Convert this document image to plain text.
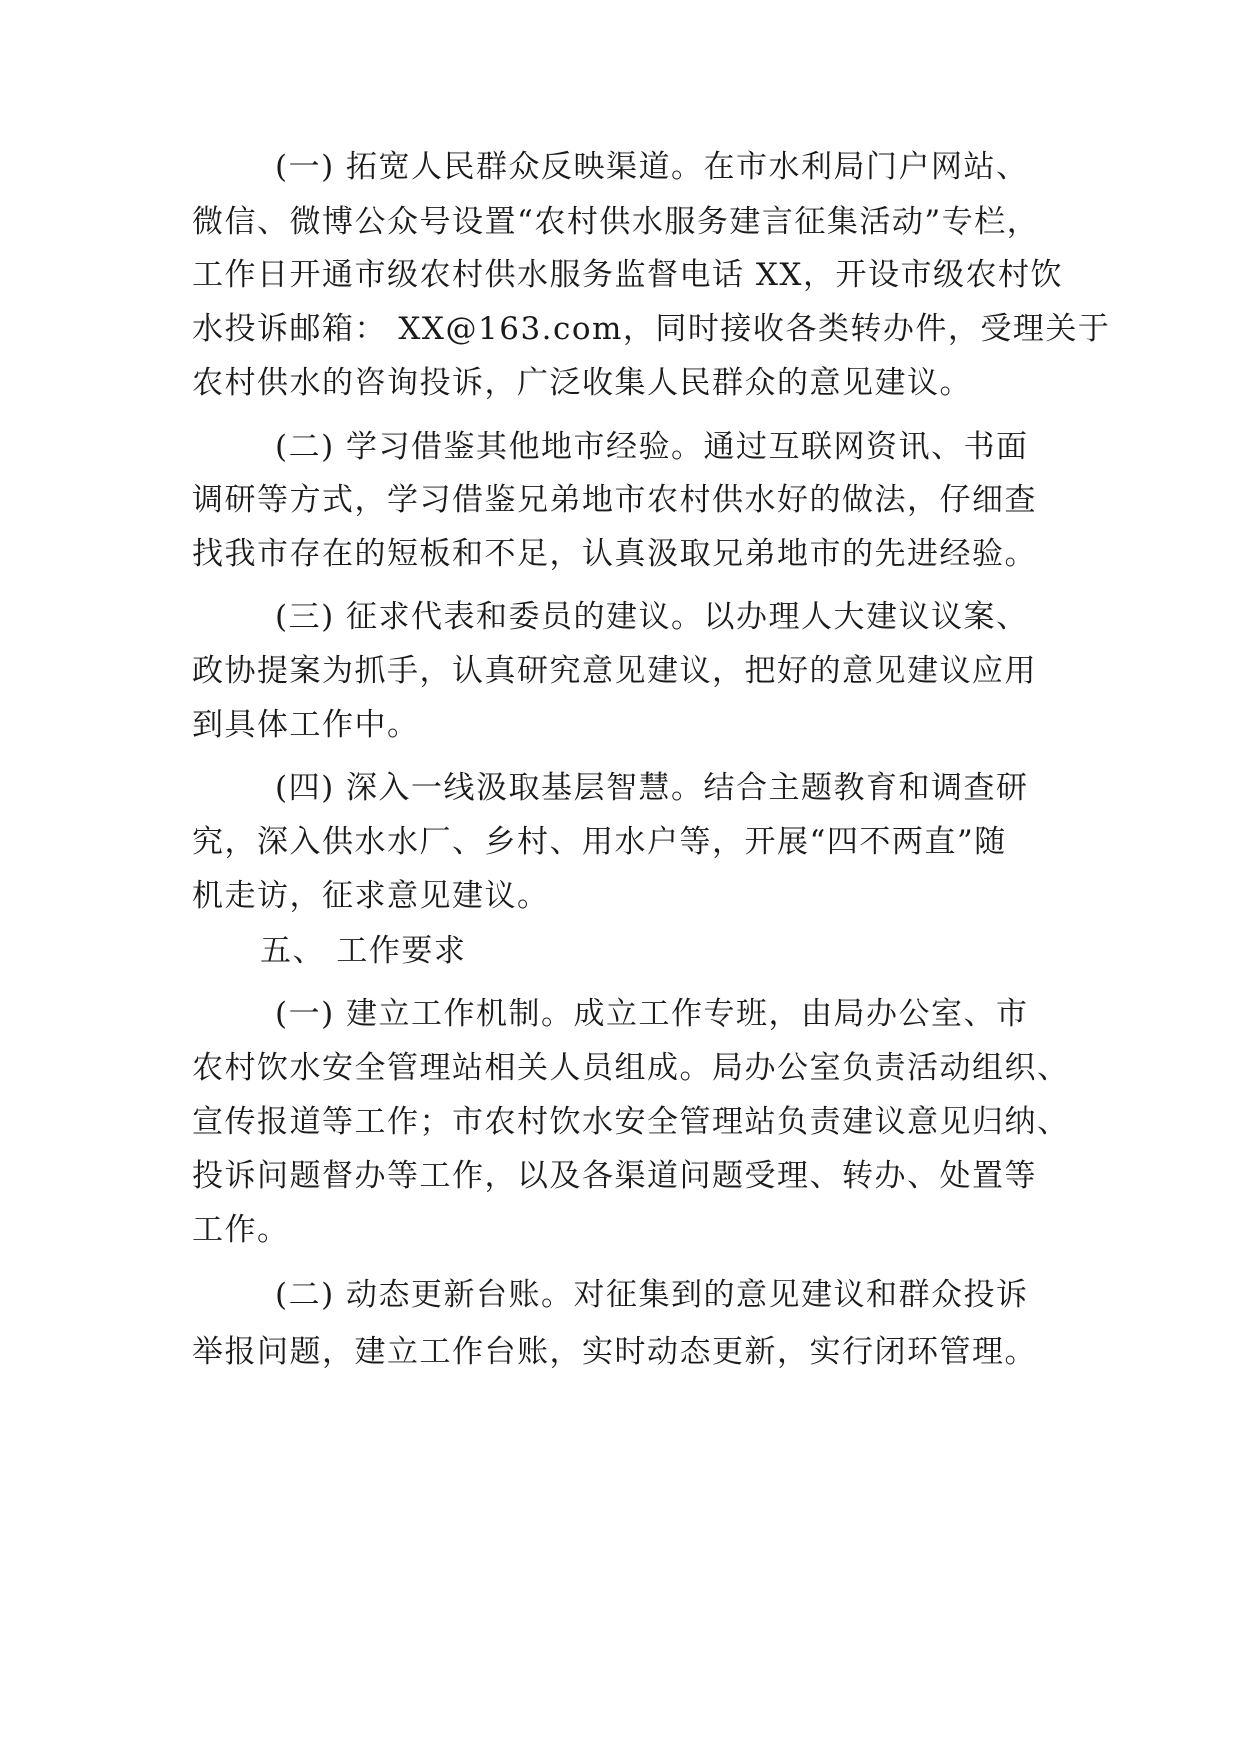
(一) 拓宽人民群众反映渠道。在市水利局门户网站、
微信、微博公众号设置“农村供水服务建言征集活动”专栏，
工作日开通市级农村供水服务监督电话 XX，开设市级农村饮
水投诉邮箱： XX@163.com，同时接收各类转办件，受理关于
农村供水的咨询投诉，广泛收集人民群众的意见建议。
(二) 学习借鉴其他地市经验。通过互联网资讯、书面
调研等方式，学习借鉴兄弟地市农村供水好的做法，仔细查
找我市存在的短板和不足，认真汲取兄弟地市的先进经验。
(三) 征求代表和委员的建议。以办理人大建议议案、
政协提案为抓手，认真研究意见建议，把好的意见建议应用
到具体工作中。
(四) 深入一线汲取基层智慧。结合主题教育和调查研
究，深入供水水厂、乡村、用水户等，开展“四不两直”随
机走访，征求意见建议。
五、 工作要求
(一) 建立工作机制。成立工作专班，由局办公室、市
农村饮水安全管理站相关人员组成。局办公室负责活动组织、
宣传报道等工作；市农村饮水安全管理站负责建议意见归纳、
投诉问题督办等工作，以及各渠道问题受理、转办、处置等
工作。
(二) 动态更新台账。对征集到的意见建议和群众投诉
举报问题，建立工作台账，实时动态更新，实行闭环管理。
